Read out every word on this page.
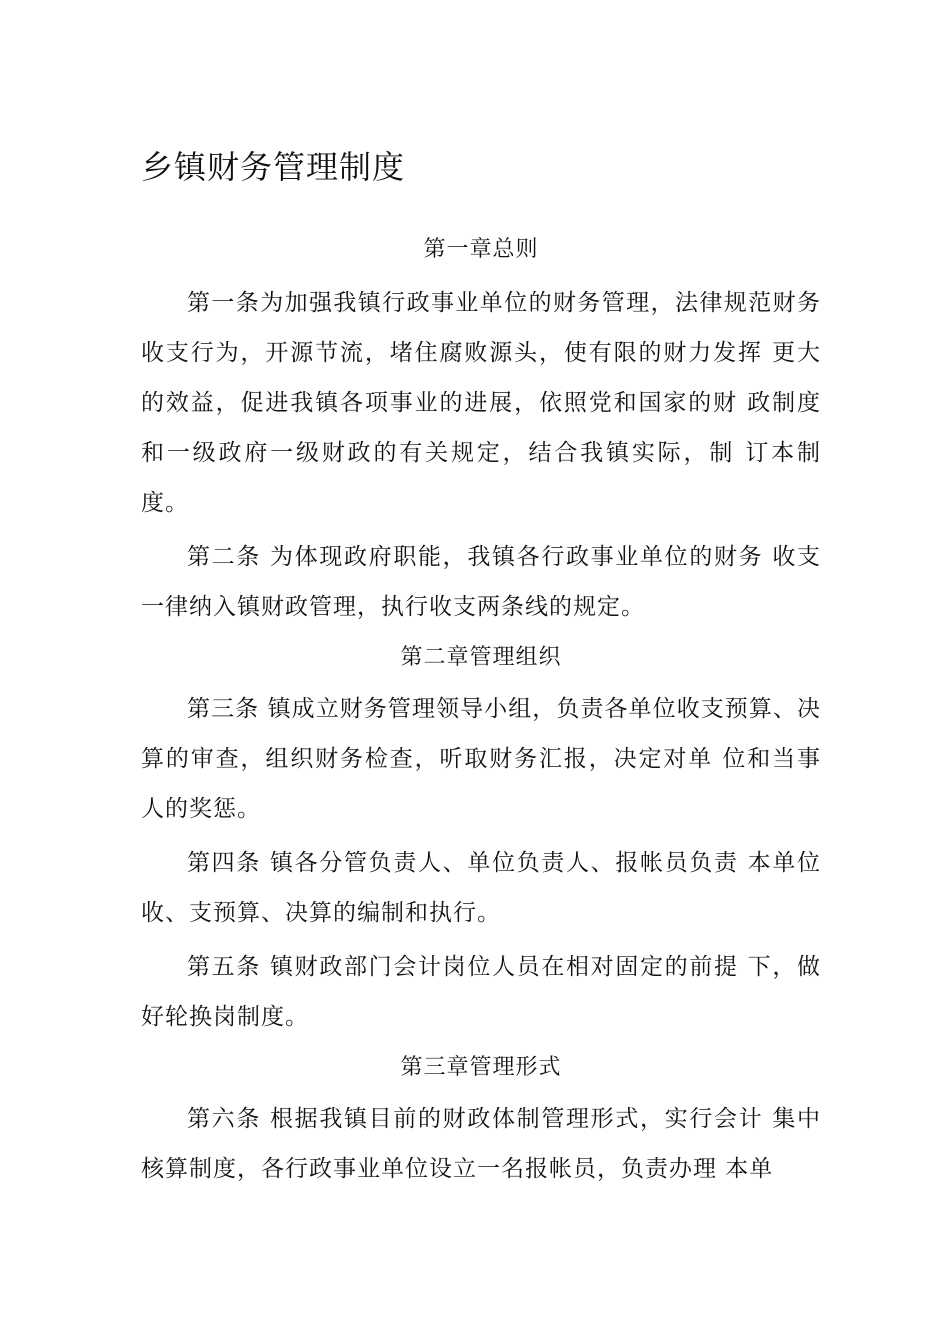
乡镇财务管理制度
第一章总则

第一条为加强我镇行政事业单位的财务管理，法律规范财务收支行为，开源节流，堵住腐败源头，使有限的财力发挥 更大的效益，促进我镇各项事业的进展，依照党和国家的财 政制度和一级政府一级财政的有关规定，结合我镇实际，制 订本制度。

第二条 为体现政府职能，我镇各行政事业单位的财务 收支一律纳入镇财政管理，执行收支两条线的规定。

第二章管理组织

第三条 镇成立财务管理领导小组，负责各单位收支预算、决算的审查，组织财务检查，听取财务汇报，决定对单 位和当事人的奖惩。

第四条 镇各分管负责人、单位负责人、报帐员负责 本单位收、支预算、决算的编制和执行。

第五条 镇财政部门会计岗位人员在相对固定的前提 下，做好轮换岗制度。

第三章管理形式

第六条 根据我镇目前的财政体制管理形式，实行会计 集中核算制度，各行政事业单位设立一名报帐员，负责办理 本单
